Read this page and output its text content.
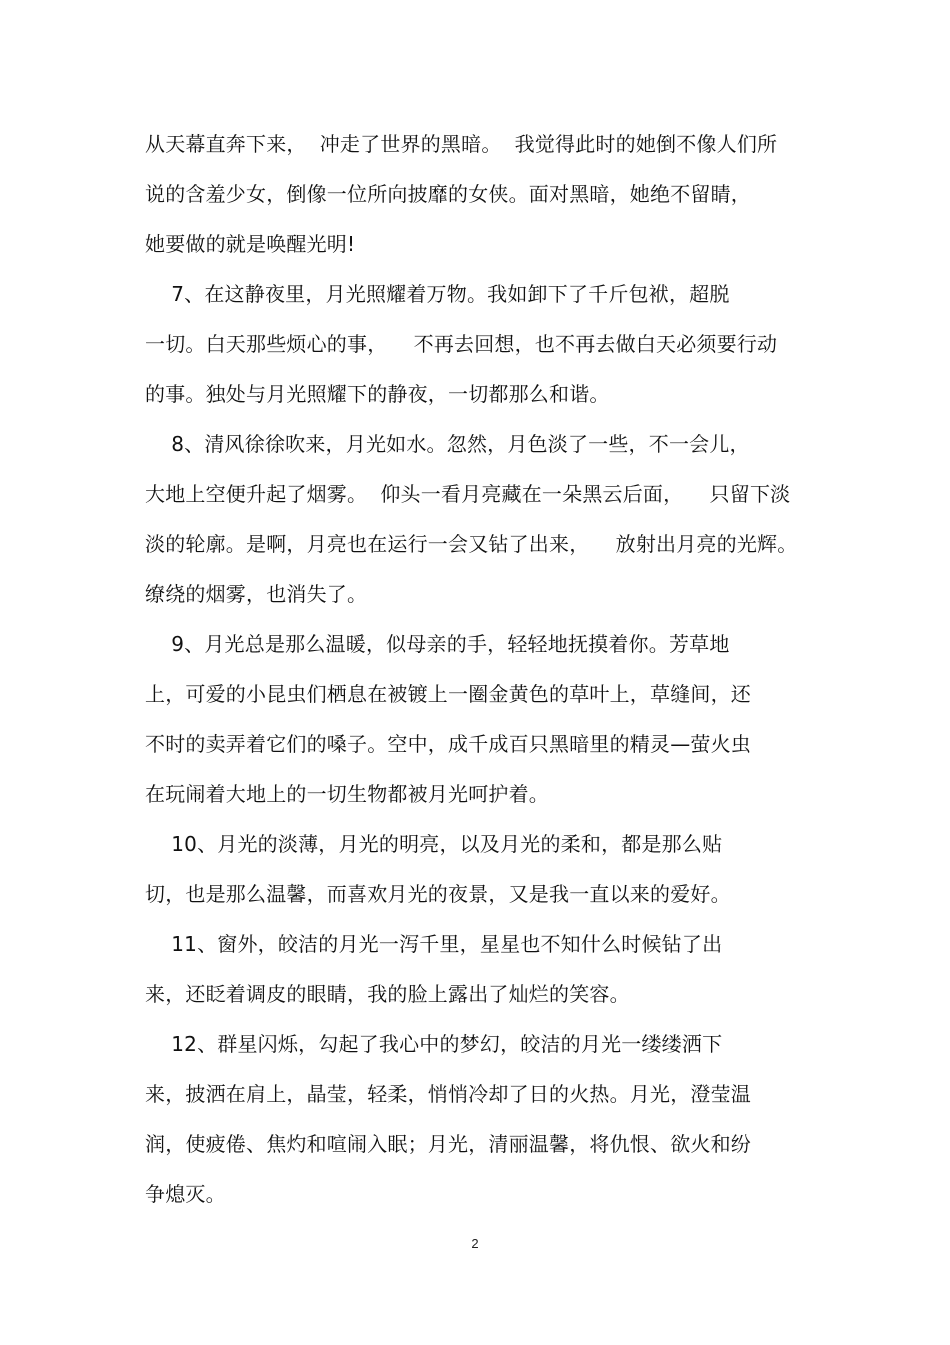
从天幕直奔下来，  冲走了世界的黑暗。  我觉得此时的她倒不像人们所
说的含羞少女，倒像一位所向披靡的女侠。面对黑暗，她绝不留睛，
她要做的就是唤醒光明!
7、在这静夜里，月光照耀着万物。我如卸下了千斤包袱，超脱
一切。白天那些烦心的事，    不再去回想，也不再去做白天必须要行动
的事。独处与月光照耀下的静夜，一切都那么和谐。
8、清风徐徐吹来，月光如水。忽然，月色淡了一些，不一会儿，
大地上空便升起了烟雾。  仰头一看月亮藏在一朵黑云后面，    只留下淡
淡的轮廓。是啊，月亮也在运行一会又钻了出来，    放射出月亮的光辉。
缭绕的烟雾，也消失了。
9、月光总是那么温暖，似母亲的手，轻轻地抚摸着你。芳草地
上，可爱的小昆虫们栖息在被镀上一圈金黄色的草叶上，草缝间，还
不时的卖弄着它们的嗓子。空中，成千成百只黑暗里的精灵—萤火虫
在玩闹着大地上的一切生物都被月光呵护着。
10、月光的淡薄，月光的明亮，以及月光的柔和，都是那么贴
切，也是那么温馨，而喜欢月光的夜景，又是我一直以来的爱好。
11、窗外，皎洁的月光一泻千里，星星也不知什么时候钻了出
来，还眨着调皮的眼睛，我的脸上露出了灿烂的笑容。
12、群星闪烁，勾起了我心中的梦幻，皎洁的月光一缕缕洒下
来，披洒在肩上，晶莹，轻柔，悄悄冷却了日的火热。月光，澄莹温
润，使疲倦、焦灼和喧闹入眠；月光，清丽温馨，将仇恨、欲火和纷
争熄灭。
2
